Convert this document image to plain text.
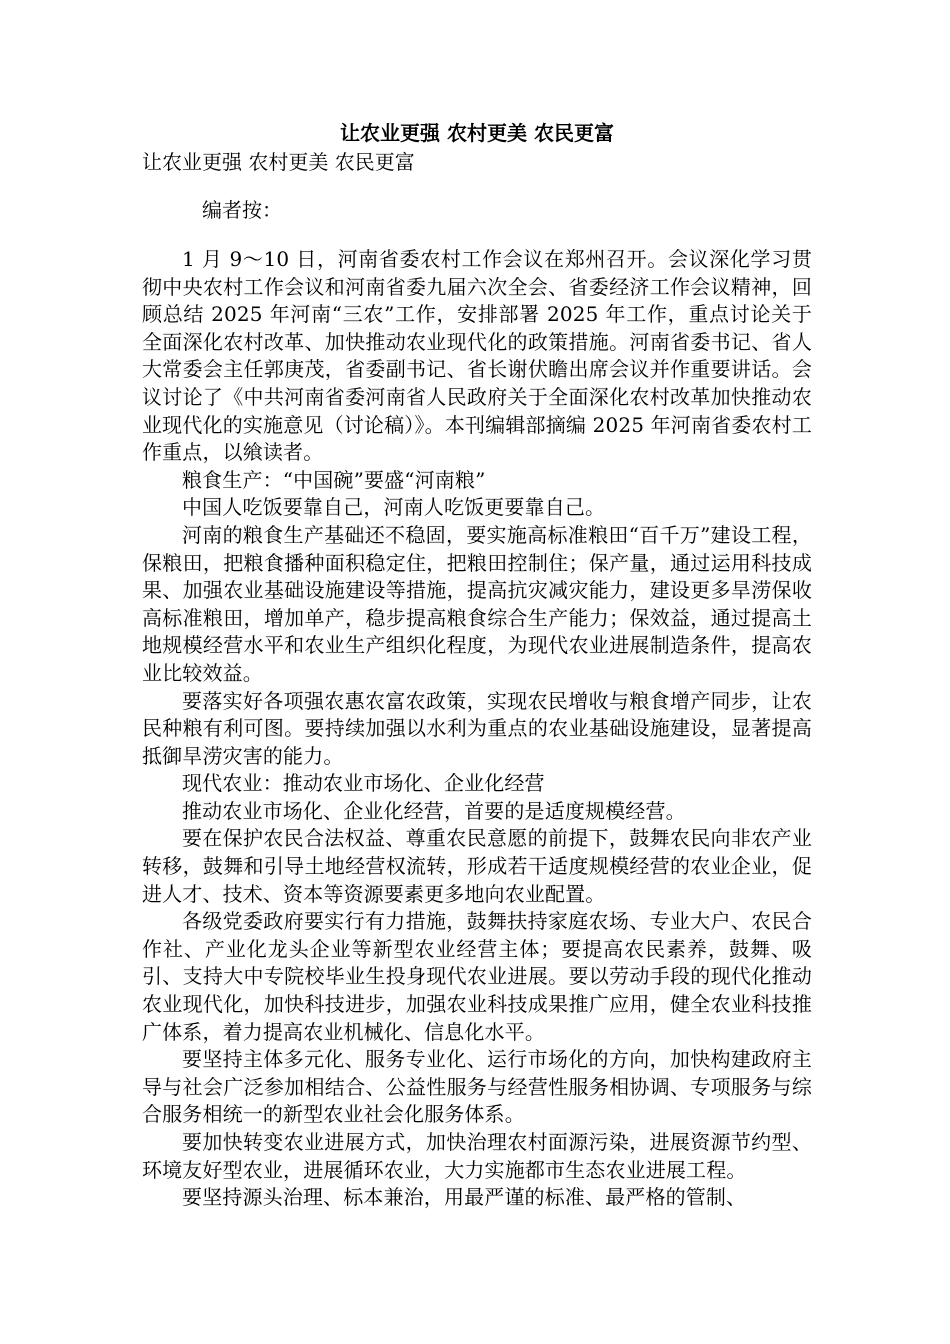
让农业更强 农村更美 农民更富

让农业更强 农村更美 农民更富

编者按：

1 月 9～10 日，河南省委农村工作会议在郑州召开。会议深化学习贯彻中央农村工作会议和河南省委九届六次全会、省委经济工作会议精神，回顾总结 2025 年河南“三农”工作，安排部署 2025 年工作，重点讨论关于全面深化农村改革、加快推动农业现代化的政策措施。河南省委书记、省人大常委会主任郭庚茂，省委副书记、省长谢伏瞻出席会议并作重要讲话。会议讨论了《中共河南省委河南省人民政府关于全面深化农村改革加快推动农业现代化的实施意见（讨论稿）》。本刊编辑部摘编 2025 年河南省委农村工作重点，以飨读者。

粮食生产：“中国碗”要盛“河南粮”

中国人吃饭要靠自己，河南人吃饭更要靠自己。

河南的粮食生产基础还不稳固，要实施高标准粮田“百千万”建设工程，保粮田，把粮食播种面积稳定住，把粮田控制住；保产量，通过运用科技成果、加强农业基础设施建设等措施，提高抗灾减灾能力，建设更多旱涝保收高标准粮田，增加单产，稳步提高粮食综合生产能力；保效益，通过提高土地规模经营水平和农业生产组织化程度，为现代农业进展制造条件，提高农业比较效益。

要落实好各项强农惠农富农政策，实现农民增收与粮食增产同步，让农民种粮有利可图。要持续加强以水利为重点的农业基础设施建设，显著提高抵御旱涝灾害的能力。

现代农业：推动农业市场化、企业化经营

推动农业市场化、企业化经营，首要的是适度规模经营。

要在保护农民合法权益、尊重农民意愿的前提下，鼓舞农民向非农产业转移，鼓舞和引导土地经营权流转，形成若干适度规模经营的农业企业，促进人才、技术、资本等资源要素更多地向农业配置。

各级党委政府要实行有力措施，鼓舞扶持家庭农场、专业大户、农民合作社、产业化龙头企业等新型农业经营主体；要提高农民素养，鼓舞、吸引、支持大中专院校毕业生投身现代农业进展。要以劳动手段的现代化推动农业现代化，加快科技进步，加强农业科技成果推广应用，健全农业科技推广体系，着力提高农业机械化、信息化水平。

要坚持主体多元化、服务专业化、运行市场化的方向，加快构建政府主导与社会广泛参加相结合、公益性服务与经营性服务相协调、专项服务与综合服务相统一的新型农业社会化服务体系。

要加快转变农业进展方式，加快治理农村面源污染，进展资源节约型、环境友好型农业，进展循环农业，大力实施都市生态农业进展工程。

要坚持源头治理、标本兼治，用最严谨的标准、最严格的管制、
